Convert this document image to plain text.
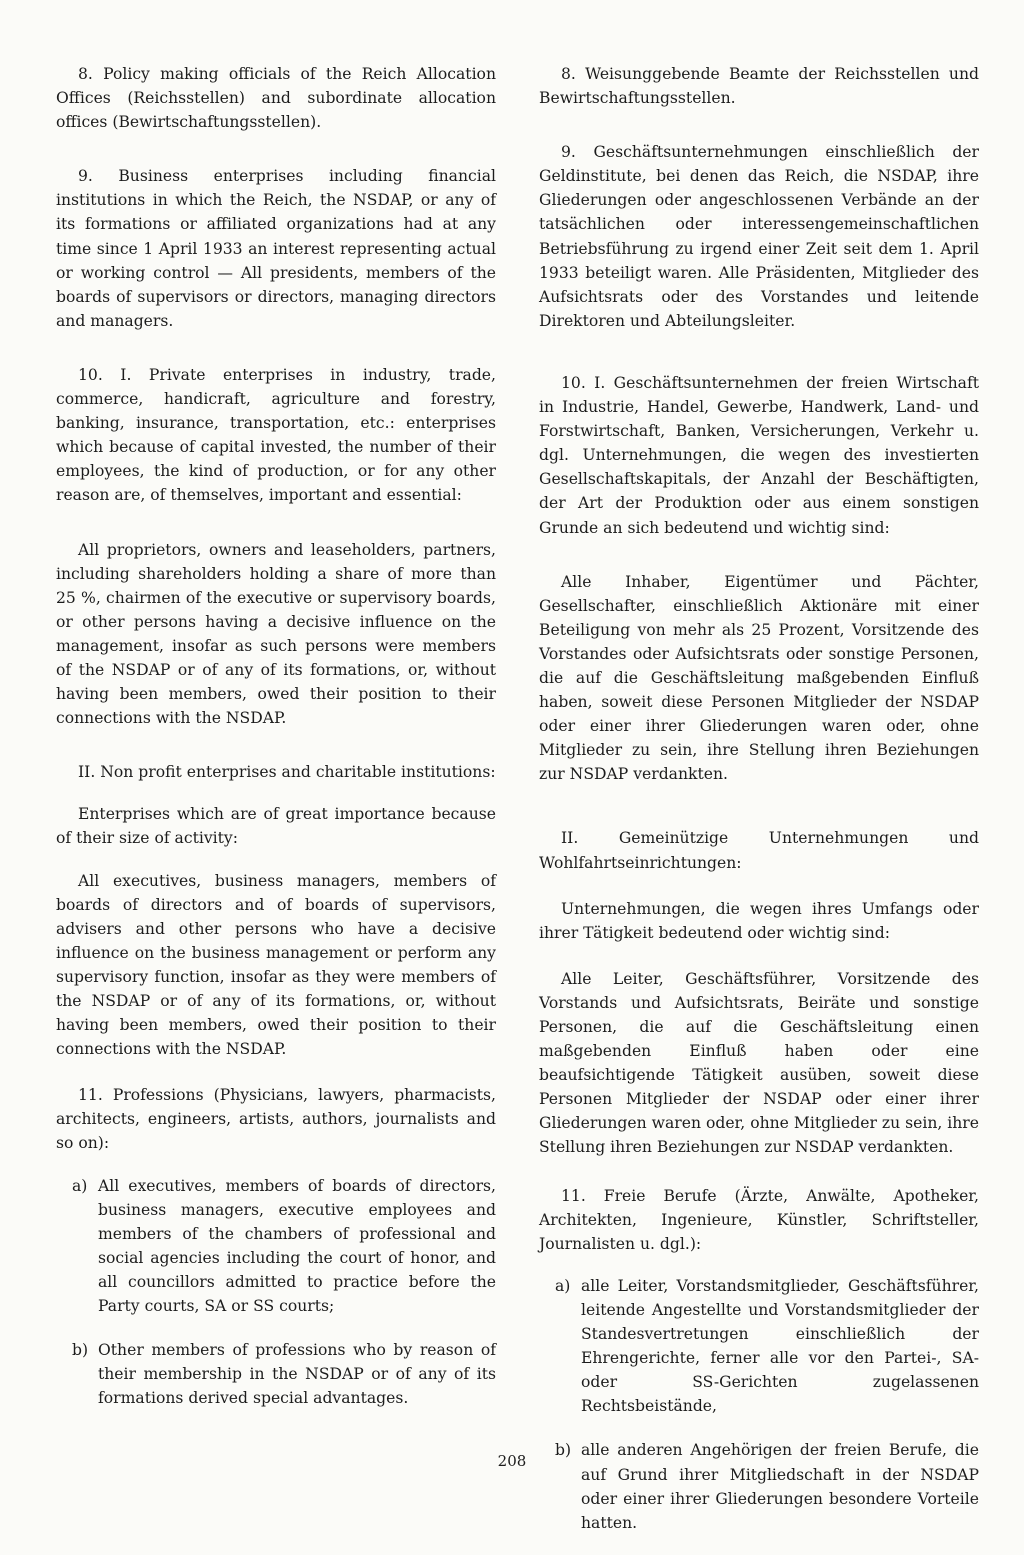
8. Policy making officials of the Reich Allocation Offices (Reichsstellen) and subordinate allocation offices (Bewirtschaftungsstellen).

9. Business enterprises including financial institutions in which the Reich, the NSDAP, or any of its formations or affiliated organizations had at any time since 1 April 1933 an interest representing actual or working control — All presidents, members of the boards of supervisors or directors, managing directors and managers.

10. I. Private enterprises in industry, trade, commerce, handicraft, agriculture and forestry, banking, insurance, transportation, etc.: enterprises which because of capital invested, the number of their employees, the kind of production, or for any other reason are, of themselves, important and essential:

All proprietors, owners and leaseholders, partners, including shareholders holding a share of more than 25 %, chairmen of the executive or supervisory boards, or other persons having a decisive influence on the management, insofar as such persons were members of the NSDAP or of any of its formations, or, without having been members, owed their position to their connections with the NSDAP.

II. Non profit enterprises and charitable institutions:

Enterprises which are of great importance because of their size of activity:

All executives, business managers, members of boards of directors and of boards of supervisors, advisers and other persons who have a decisive influence on the business management or perform any supervisory function, insofar as they were members of the NSDAP or of any of its formations, or, without having been members, owed their position to their connections with the NSDAP.

11. Professions (Physicians, lawyers, pharmacists, architects, engineers, artists, authors, journalists and so on):

a) All executives, members of boards of directors, business managers, executive employees and members of the chambers of professional and social agencies including the court of honor, and all councillors admitted to practice before the Party courts, SA or SS courts;
b) Other members of professions who by reason of their membership in the NSDAP or of any of its formations derived special advantages.

8. Weisunggebende Beamte der Reichsstellen und Bewirtschaftungsstellen.

9. Geschäftsunternehmungen einschließlich der Geldinstitute, bei denen das Reich, die NSDAP, ihre Gliederungen oder angeschlossenen Verbände an der tatsächlichen oder interessengemeinschaftlichen Betriebsführung zu irgend einer Zeit seit dem 1. April 1933 beteiligt waren. Alle Präsidenten, Mitglieder des Aufsichtsrats oder des Vorstandes und leitende Direktoren und Abteilungsleiter.

10. I. Geschäftsunternehmen der freien Wirtschaft in Industrie, Handel, Gewerbe, Handwerk, Land- und Forstwirtschaft, Banken, Versicherungen, Verkehr u. dgl. Unternehmungen, die wegen des investierten Gesellschaftskapitals, der Anzahl der Beschäftigten, der Art der Produktion oder aus einem sonstigen Grunde an sich bedeutend und wichtig sind:

Alle Inhaber, Eigentümer und Pächter, Gesellschafter, einschließlich Aktionäre mit einer Beteiligung von mehr als 25 Prozent, Vorsitzende des Vorstandes oder Aufsichtsrats oder sonstige Personen, die auf die Geschäftsleitung maßgebenden Einfluß haben, soweit diese Personen Mitglieder der NSDAP oder einer ihrer Gliederungen waren oder, ohne Mitglieder zu sein, ihre Stellung ihren Beziehungen zur NSDAP verdankten.

II. Gemeinützige Unternehmungen und Wohlfahrtseinrichtungen:

Unternehmungen, die wegen ihres Umfangs oder ihrer Tätigkeit bedeutend oder wichtig sind:

Alle Leiter, Geschäftsführer, Vorsitzende des Vorstands und Aufsichtsrats, Beiräte und sonstige Personen, die auf die Geschäftsleitung einen maßgebenden Einfluß haben oder eine beaufsichtigende Tätigkeit ausüben, soweit diese Personen Mitglieder der NSDAP oder einer ihrer Gliederungen waren oder, ohne Mitglieder zu sein, ihre Stellung ihren Beziehungen zur NSDAP verdankten.

11. Freie Berufe (Ärzte, Anwälte, Apotheker, Architekten, Ingenieure, Künstler, Schriftsteller, Journalisten u. dgl.):

a) alle Leiter, Vorstandsmitglieder, Geschäftsführer, leitende Angestellte und Vorstandsmitglieder der Standesvertretungen einschließlich der Ehrengerichte, ferner alle vor den Partei-, SA- oder SS-Gerichten zugelassenen Rechtsbeistände,
b) alle anderen Angehörigen der freien Berufe, die auf Grund ihrer Mitgliedschaft in der NSDAP oder einer ihrer Gliederungen besondere Vorteile hatten.
208
